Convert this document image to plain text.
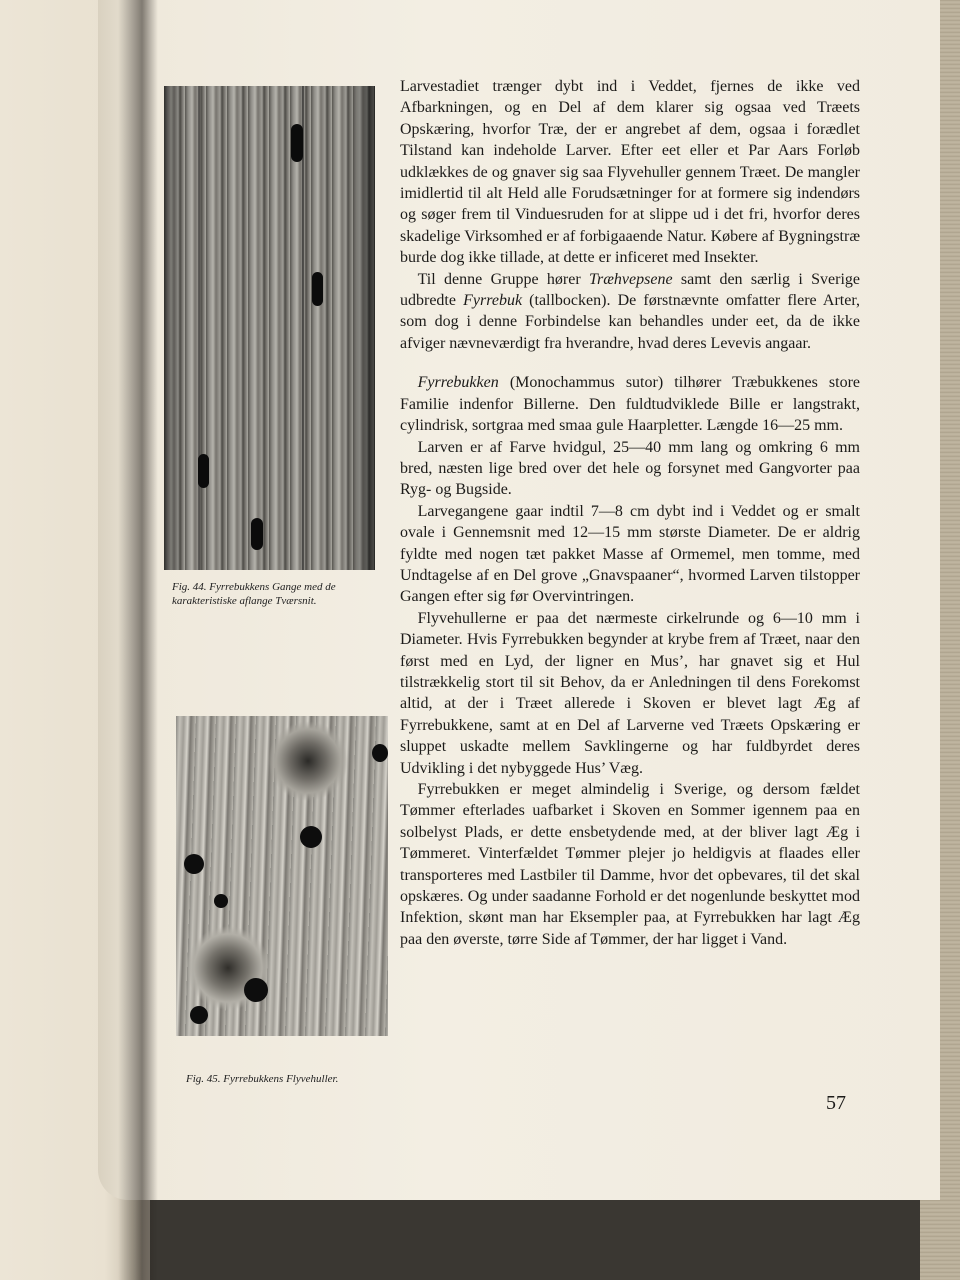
Fig. 44. Fyrrebukkens Gange med de karakteristiske aflange Tværsnit.
Fig. 45. Fyrrebukkens Flyvehuller.

Larvestadiet trænger dybt ind i Veddet, fjernes de ikke ved Afbarkningen, og en Del af dem klarer sig ogsaa ved Træets Opskæring, hvorfor Træ, der er angrebet af dem, ogsaa i forædlet Tilstand kan indeholde Larver. Efter eet eller et Par Aars Forløb udklækkes de og gnaver sig saa Flyvehuller gennem Træet. De mangler imidlertid til alt Held alle Forudsætninger for at formere sig indendørs og søger frem til Vinduesruden for at slippe ud i det fri, hvorfor deres skadelige Virksomhed er af forbigaaende Natur. Købere af Bygningstræ burde dog ikke tillade, at dette er inficeret med Insekter.

Til denne Gruppe hører Træhvepsene samt den særlig i Sverige udbredte Fyrrebuk (tallbocken). De førstnævnte omfatter flere Arter, som dog i denne Forbindelse kan behandles under eet, da de ikke afviger nævneværdigt fra hverandre, hvad deres Levevis angaar.

Fyrrebukken (Monochammus sutor) tilhører Træbukkenes store Familie indenfor Billerne. Den fuldtudviklede Bille er langstrakt, cylindrisk, sortgraa med smaa gule Haarpletter. Længde 16—25 mm.

Larven er af Farve hvidgul, 25—40 mm lang og omkring 6 mm bred, næsten lige bred over det hele og forsynet med Gangvorter paa Ryg- og Bugside.

Larvegangene gaar indtil 7—8 cm dybt ind i Veddet og er smalt ovale i Gennemsnit med 12—15 mm største Diameter. De er aldrig fyldte med nogen tæt pakket Masse af Ormemel, men tomme, med Undtagelse af en Del grove „Gnavspaaner“, hvormed Larven tilstopper Gangen efter sig før Overvintringen.

Flyvehullerne er paa det nærmeste cirkelrunde og 6—10 mm i Diameter. Hvis Fyrrebukken begynder at krybe frem af Træet, naar den først med en Lyd, der ligner en Mus’, har gnavet sig et Hul tilstrækkelig stort til sit Behov, da er Anledningen til dens Forekomst altid, at der i Træet allerede i Skoven er blevet lagt Æg af Fyrrebukkene, samt at en Del af Larverne ved Træets Opskæring er sluppet uskadte mellem Savklingerne og har fuldbyrdet deres Udvikling i det nybyggede Hus’ Væg.

Fyrrebukken er meget almindelig i Sverige, og dersom fældet Tømmer efterlades uafbarket i Skoven en Sommer igennem paa en solbelyst Plads, er dette ensbetydende med, at der bliver lagt Æg i Tømmeret. Vinterfældet Tømmer plejer jo heldigvis at flaades eller transporteres med Lastbiler til Damme, hvor det opbevares, til det skal opskæres. Og under saadanne Forhold er det nogenlunde beskyttet mod Infektion, skønt man har Eksempler paa, at Fyrrebukken har lagt Æg paa den øverste, tørre Side af Tømmer, der har ligget i Vand.

57
